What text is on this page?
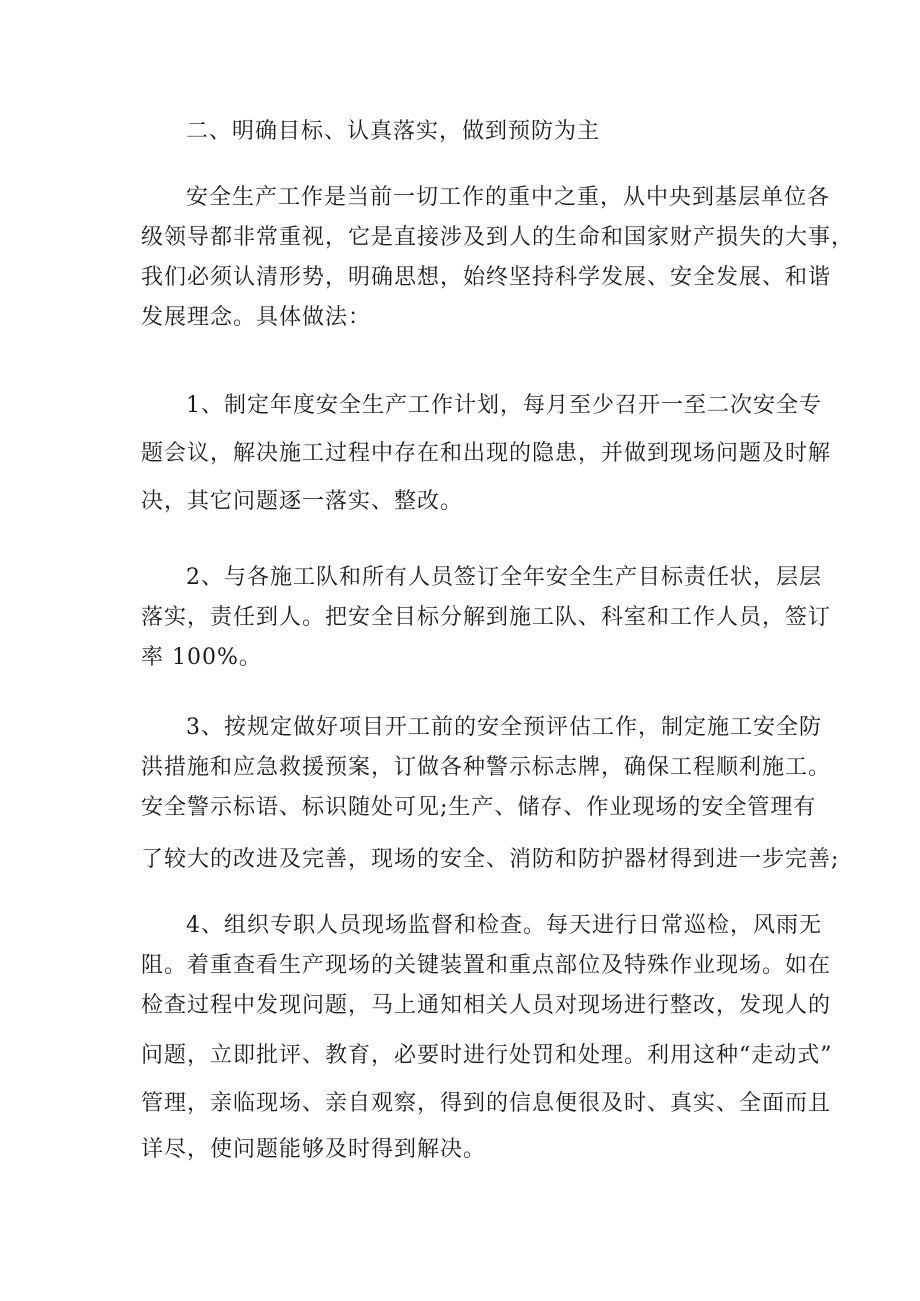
二、明确目标、认真落实，做到预防为主
安全生产工作是当前一切工作的重中之重，从中央到基层单位各
级领导都非常重视，它是直接涉及到人的生命和国家财产损失的大事，
我们必须认清形势，明确思想，始终坚持科学发展、安全发展、和谐
发展理念。具体做法：
1、制定年度安全生产工作计划，每月至少召开一至二次安全专
题会议，解决施工过程中存在和出现的隐患，并做到现场问题及时解
决，其它问题逐一落实、整改。
2、与各施工队和所有人员签订全年安全生产目标责任状，层层
落实，责任到人。把安全目标分解到施工队、科室和工作人员，签订
率 100%。
3、按规定做好项目开工前的安全预评估工作，制定施工安全防
洪措施和应急救援预案，订做各种警示标志牌，确保工程顺利施工。
安全警示标语、标识随处可见;生产、储存、作业现场的安全管理有
了较大的改进及完善，现场的安全、消防和防护器材得到进一步完善;
4、组织专职人员现场监督和检查。每天进行日常巡检，风雨无
阻。着重查看生产现场的关键装置和重点部位及特殊作业现场。如在
检查过程中发现问题，马上通知相关人员对现场进行整改，发现人的
问题，立即批评、教育，必要时进行处罚和处理。利用这种“走动式”
管理，亲临现场、亲自观察，得到的信息便很及时、真实、全面而且
详尽，使问题能够及时得到解决。
